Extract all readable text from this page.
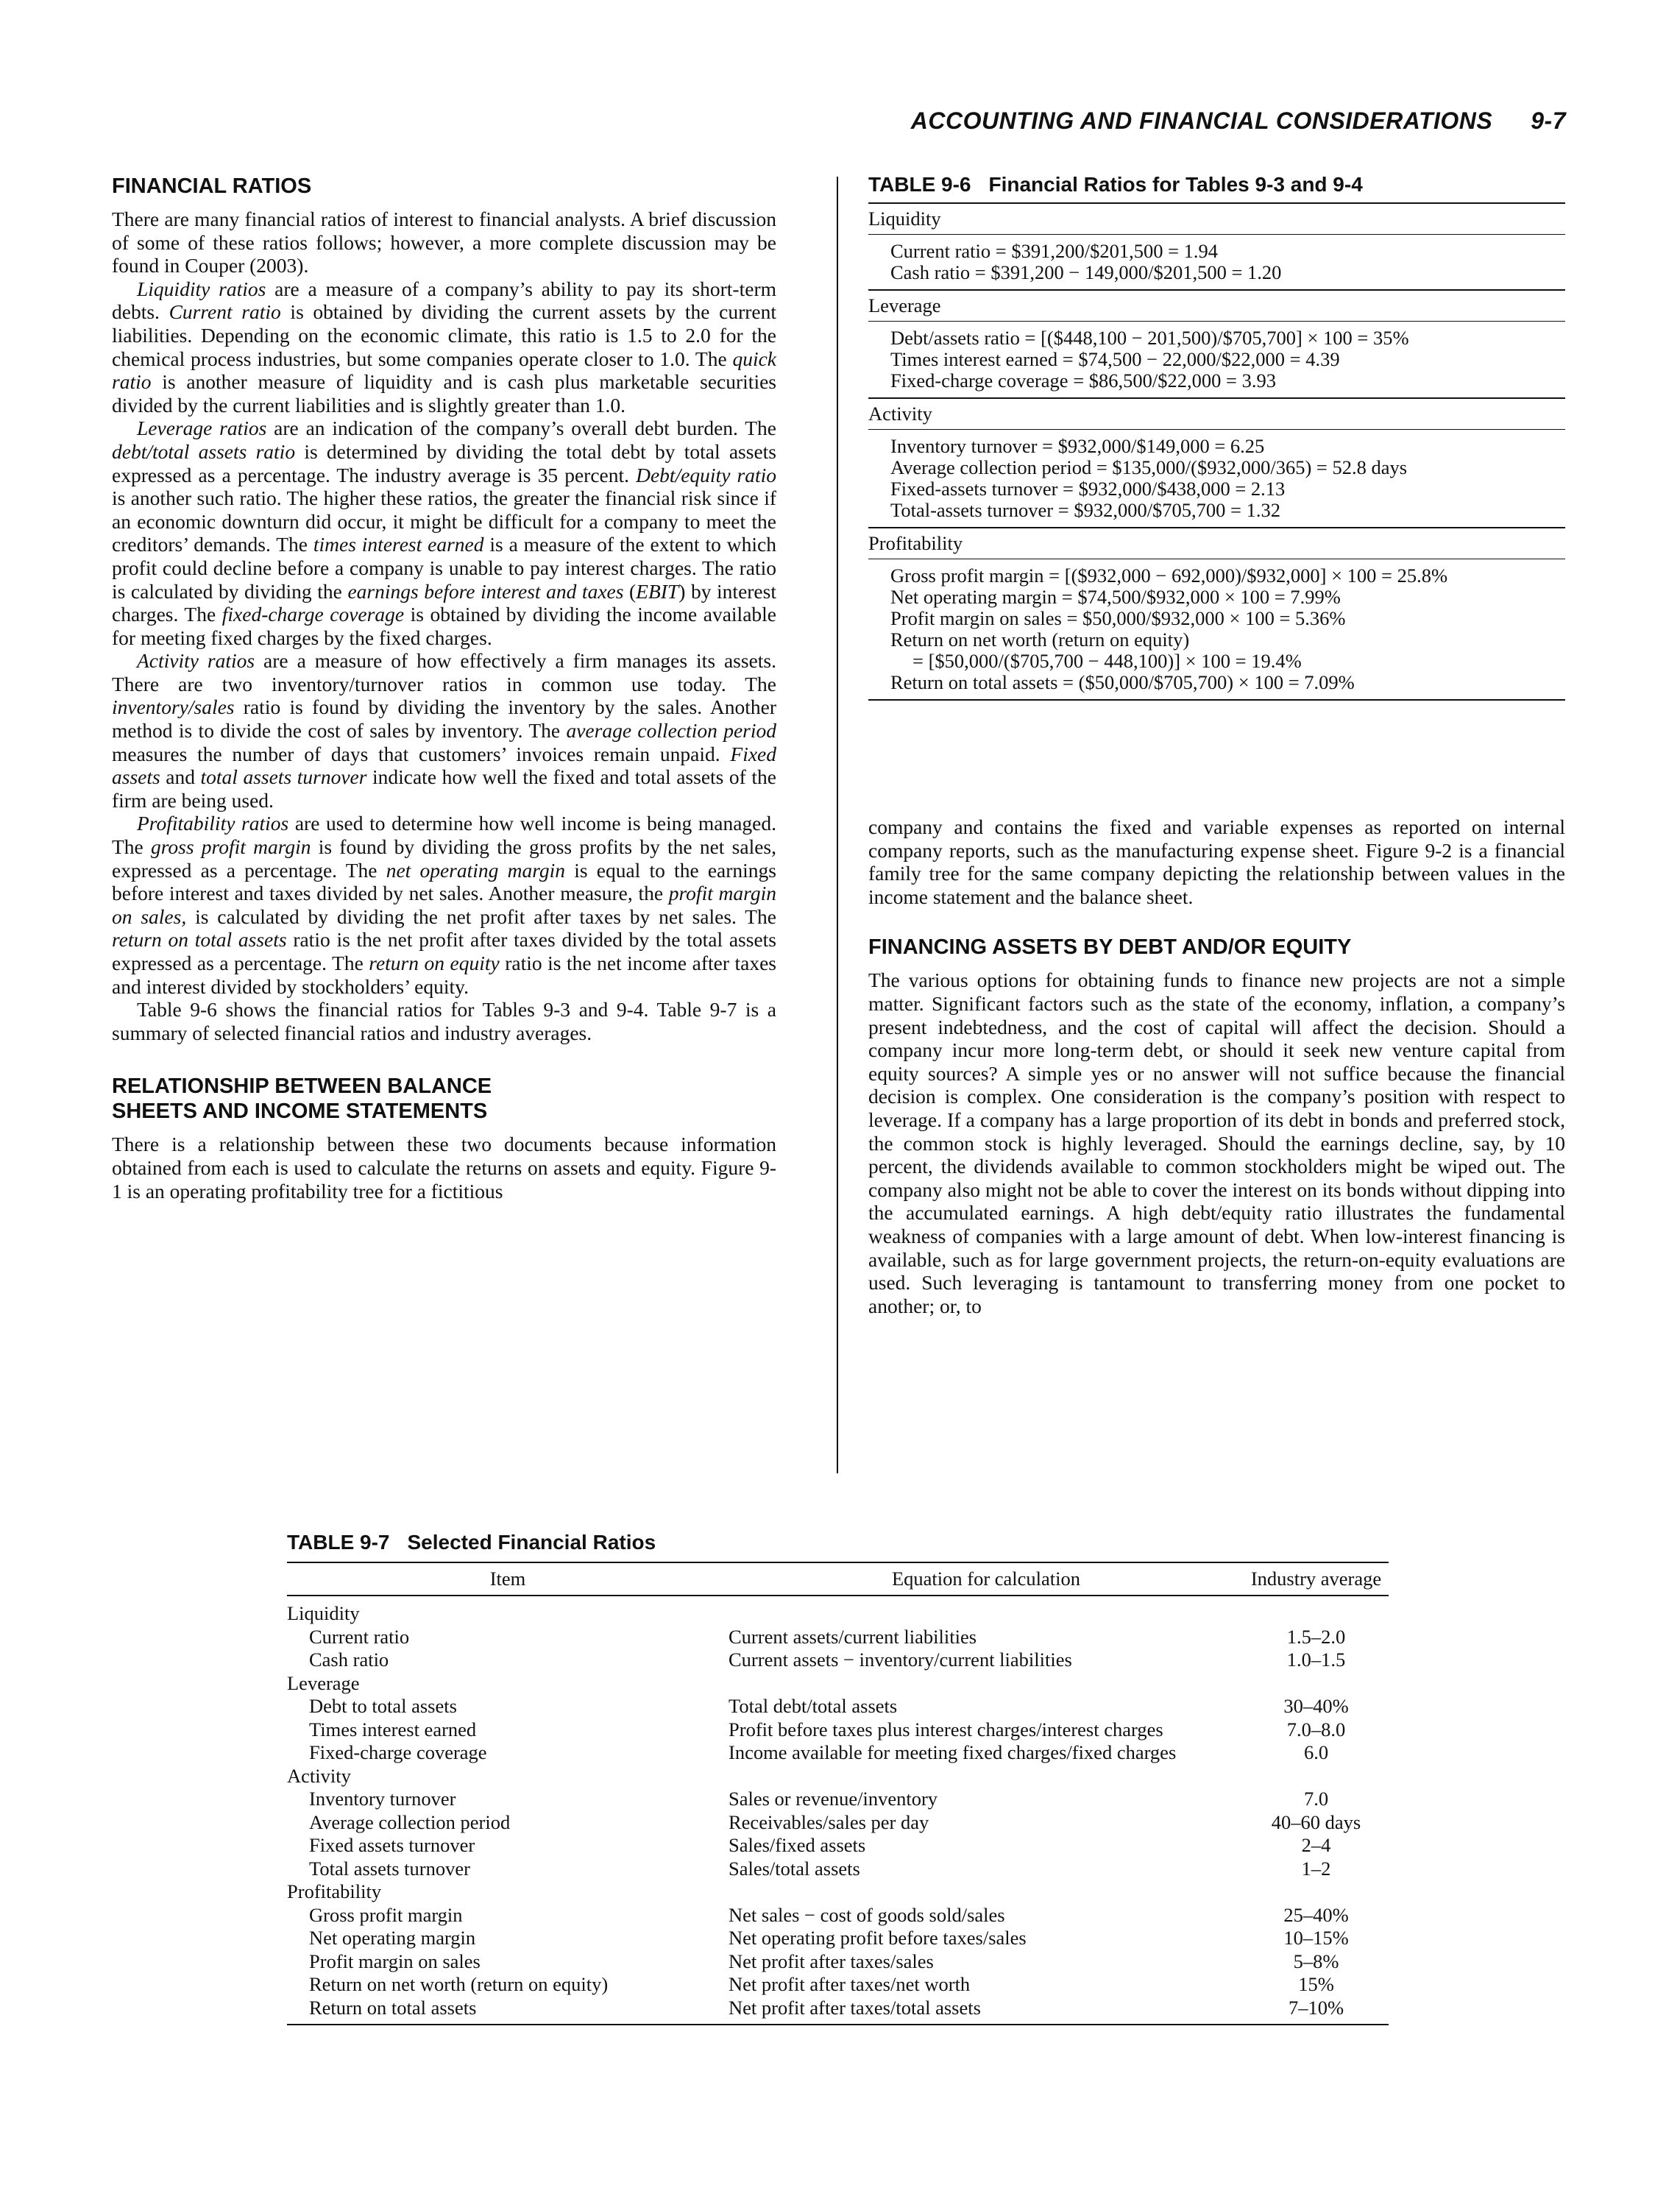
ACCOUNTING AND FINANCIAL CONSIDERATIONS 9-7
FINANCIAL RATIOS

There are many financial ratios of interest to financial analysts. A brief discussion of some of these ratios follows; however, a more complete discussion may be found in Couper (2003).

Liquidity ratios are a measure of a company’s ability to pay its short-term debts. Current ratio is obtained by dividing the current assets by the current liabilities. Depending on the economic climate, this ratio is 1.5 to 2.0 for the chemical process industries, but some companies operate closer to 1.0. The quick ratio is another measure of liquidity and is cash plus marketable securities divided by the current liabilities and is slightly greater than 1.0.

Leverage ratios are an indication of the company’s overall debt burden. The debt/total assets ratio is determined by dividing the total debt by total assets expressed as a percentage. The industry average is 35 percent. Debt/equity ratio is another such ratio. The higher these ratios, the greater the financial risk since if an economic downturn did occur, it might be difficult for a company to meet the creditors’ demands. The times interest earned is a measure of the extent to which profit could decline before a company is unable to pay interest charges. The ratio is calculated by dividing the earnings before interest and taxes (EBIT) by interest charges. The fixed-charge coverage is obtained by dividing the income available for meeting fixed charges by the fixed charges.

Activity ratios are a measure of how effectively a firm manages its assets. There are two inventory/turnover ratios in common use today. The inventory/sales ratio is found by dividing the inventory by the sales. Another method is to divide the cost of sales by inventory. The average collection period measures the number of days that customers’ invoices remain unpaid. Fixed assets and total assets turnover indicate how well the fixed and total assets of the firm are being used.

Profitability ratios are used to determine how well income is being managed. The gross profit margin is found by dividing the gross profits by the net sales, expressed as a percentage. The net operating margin is equal to the earnings before interest and taxes divided by net sales. Another measure, the profit margin on sales, is calculated by dividing the net profit after taxes by net sales. The return on total assets ratio is the net profit after taxes divided by the total assets expressed as a percentage. The return on equity ratio is the net income after taxes and interest divided by stockholders’ equity.

Table 9-6 shows the financial ratios for Tables 9-3 and 9-4. Table 9-7 is a summary of selected financial ratios and industry averages.

RELATIONSHIP BETWEEN BALANCE SHEETS AND INCOME STATEMENTS

There is a relationship between these two documents because information obtained from each is used to calculate the returns on assets and equity. Figure 9-1 is an operating profitability tree for a fictitious

TABLE 9-6 Financial Ratios for Tables 9-3 and 9-4
Liquidity
Current ratio = $391,200/$201,500 = 1.94
Cash ratio = $391,200 − 149,000/$201,500 = 1.20
Leverage
Debt/assets ratio = [($448,100 − 201,500)/$705,700] × 100 = 35%
Times interest earned = $74,500 − 22,000/$22,000 = 4.39
Fixed-charge coverage = $86,500/$22,000 = 3.93
Activity
Inventory turnover = $932,000/$149,000 = 6.25
Average collection period = $135,000/($932,000/365) = 52.8 days
Fixed-assets turnover = $932,000/$438,000 = 2.13
Total-assets turnover = $932,000/$705,700 = 1.32
Profitability
Gross profit margin = [($932,000 − 692,000)/$932,000] × 100 = 25.8%
Net operating margin = $74,500/$932,000 × 100 = 7.99%
Profit margin on sales = $50,000/$932,000 × 100 = 5.36%
Return on net worth (return on equity)
= [$50,000/($705,700 − 448,100)] × 100 = 19.4%
Return on total assets = ($50,000/$705,700) × 100 = 7.09%

company and contains the fixed and variable expenses as reported on internal company reports, such as the manufacturing expense sheet. Figure 9-2 is a financial family tree for the same company depicting the relationship between values in the income statement and the balance sheet.

FINANCING ASSETS BY DEBT AND/OR EQUITY

The various options for obtaining funds to finance new projects are not a simple matter. Significant factors such as the state of the economy, inflation, a company’s present indebtedness, and the cost of capital will affect the decision. Should a company incur more long-term debt, or should it seek new venture capital from equity sources? A simple yes or no answer will not suffice because the financial decision is complex. One consideration is the company’s position with respect to leverage. If a company has a large proportion of its debt in bonds and preferred stock, the common stock is highly leveraged. Should the earnings decline, say, by 10 percent, the dividends available to common stockholders might be wiped out. The company also might not be able to cover the interest on its bonds without dipping into the accumulated earnings. A high debt/equity ratio illustrates the fundamental weakness of companies with a large amount of debt. When low-interest financing is available, such as for large government projects, the return-on-equity evaluations are used. Such leveraging is tantamount to transferring money from one pocket to another; or, to

TABLE 9-7 Selected Financial Ratios
Item	Equation for calculation	Industry average
Liquidity		
Current ratio	Current assets/current liabilities	1.5–2.0
Cash ratio	Current assets − inventory/current liabilities	1.0–1.5
Leverage		
Debt to total assets	Total debt/total assets	30–40%
Times interest earned	Profit before taxes plus interest charges/interest charges	7.0–8.0
Fixed-charge coverage	Income available for meeting fixed charges/fixed charges	6.0
Activity		
Inventory turnover	Sales or revenue/inventory	7.0
Average collection period	Receivables/sales per day	40–60 days
Fixed assets turnover	Sales/fixed assets	2–4
Total assets turnover	Sales/total assets	1–2
Profitability		
Gross profit margin	Net sales − cost of goods sold/sales	25–40%
Net operating margin	Net operating profit before taxes/sales	10–15%
Profit margin on sales	Net profit after taxes/sales	5–8%
Return on net worth (return on equity)	Net profit after taxes/net worth	15%
Return on total assets	Net profit after taxes/total assets	7–10%
